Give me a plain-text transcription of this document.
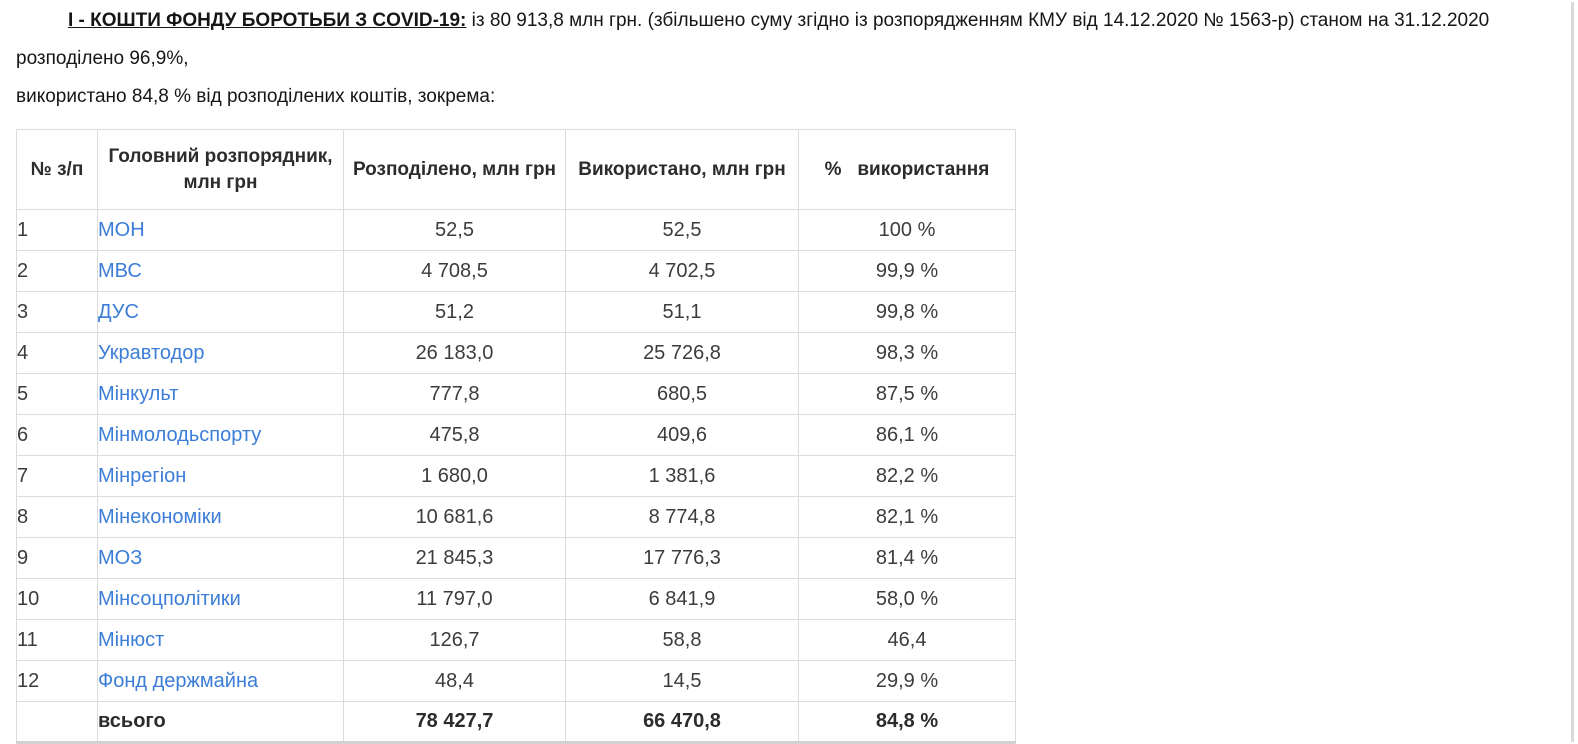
І - КОШТИ ФОНДУ БОРОТЬБИ З COVID-19: із 80 913,8 млн грн. (збільшено суму згідно із розпорядженням КМУ від 14.12.2020 № 1563-р) станом на 31.12.2020 розподілено 96,9%,
використано 84,8 % від розподілених коштів, зокрема:

№ з/п	Головний розпорядник, млн грн	Розподілено, млн грн	Використано, млн грн	%   використання
1	МОН	52,5	52,5	100 %
2	МВС	4 708,5	4 702,5	99,9 %
3	ДУС	51,2	51,1	99,8 %
4	Укравтодор	26 183,0	25 726,8	98,3 %
5	Мінкульт	777,8	680,5	87,5 %
6	Мінмолодьспорту	475,8	409,6	86,1 %
7	Мінрегіон	1 680,0	1 381,6	82,2 %
8	Мінекономіки	10 681,6	8 774,8	82,1 %
9	МОЗ	21 845,3	17 776,3	81,4 %
10	Мінсоцполітики	11 797,0	6 841,9	58,0 %
11	Мінюст	126,7	58,8	46,4
12	Фонд держмайна	48,4	14,5	29,9 %
	всього	78 427,7	66 470,8	84,8 %
